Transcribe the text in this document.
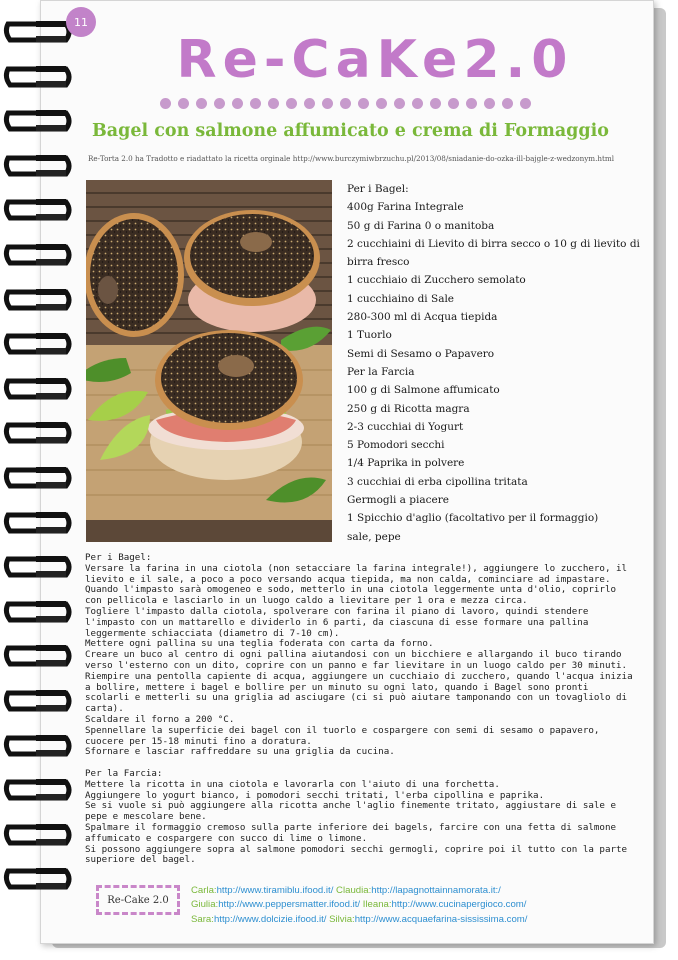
11
Re-CaKe2.0
Bagel con salmone affumicato e crema di Formaggio
Re-Torta 2.0 ha Tradotto e riadattato la ricetta orginale http://www.burczymiwbrzuchu.pl/2013/08/sniadanie-do-ozka-ill-bajgle-z-wedzonym.html
Per i Bagel:
400g Farina Integrale
50 g di Farina 0 o manitoba
2 cucchiaini di Lievito di birra secco o 10 g di lievito di
birra fresco
1 cucchiaio di Zucchero semolato
1 cucchiaino di Sale
280-300 ml di Acqua tiepida
1 Tuorlo
Semi di Sesamo o Papavero
Per la Farcia
100 g di Salmone affumicato
250 g di Ricotta magra
2-3 cucchiai di Yogurt
5 Pomodori secchi
1/4 Paprika in polvere
3 cucchiai di erba cipollina tritata
Germogli a piacere
1 Spicchio d'aglio (facoltativo per il formaggio)
sale, pepe
Per i Bagel:
Versare la farina in una ciotola (non setacciare la farina integrale!), aggiungere lo zucchero, il lievito e il sale, a poco a poco versando acqua tiepida, ma non calda, cominciare ad impastare.
Quando l'impasto sarà omogeneo e sodo, metterlo in una ciotola leggermente unta d'olio, coprirlo con pellicola e lasciarlo in un luogo caldo a lievitare per 1 ora e mezza circa.
Togliere l'impasto dalla ciotola, spolverare con farina il piano di lavoro, quindi stendere l'impasto con un mattarello e dividerlo in 6 parti, da ciascuna di esse formare una pallina leggermente schiacciata (diametro di 7-10 cm).
Mettere ogni pallina su una teglia foderata con carta da forno.
Creare un buco al centro di ogni pallina aiutandosi con un bicchiere e allargando il buco tirando verso l'esterno con un dito, coprire con un panno e far lievitare in un luogo caldo per 30 minuti.
Riempire una pentolla capiente di acqua, aggiungere un cucchiaio di zucchero, quando l'acqua inizia a bollire, mettere i bagel e bollire per un minuto su ogni lato, quando i Bagel sono pronti scolarli e metterli su una griglia ad asciugare (ci si può aiutare tamponando con un tovagliolo di carta).
Scaldare il forno a 200 °C.
Spennellare la superficie dei bagel con il tuorlo e cospargere con semi di sesamo o papavero, cuocere per 15-18 minuti fino a doratura.
Sfornare e lasciar raffreddare su una griglia da cucina.
Per la Farcia:
Mettere la ricotta in una ciotola e lavorarla con l'aiuto di una forchetta.
Aggiungere lo yogurt bianco, i pomodori secchi tritati, l'erba cipollina e paprika.
Se si vuole si può aggiungere alla ricotta anche l'aglio finemente tritato, aggiustare di sale e pepe e mescolare bene.
Spalmare il formaggio cremoso sulla parte inferiore dei bagels, farcire con una fetta di salmone affumicato e cospargere con succo di lime o limone.
Si possono aggiungere sopra al salmone pomodori secchi germogli, coprire poi il tutto con la parte superiore del bagel.
Re-Cake 2.0
Carla:http://www.tiramiblu.ifood.it/ Claudia:http://lapagnottainnamorata.it:/
Giulia:http://www.peppersmatter.ifood.it/ Ileana:http://www.cucinapergioco.com/
Sara:http://www.dolcizie.ifood.it/ Silvia:http://www.acquaefarina-sississima.com/
